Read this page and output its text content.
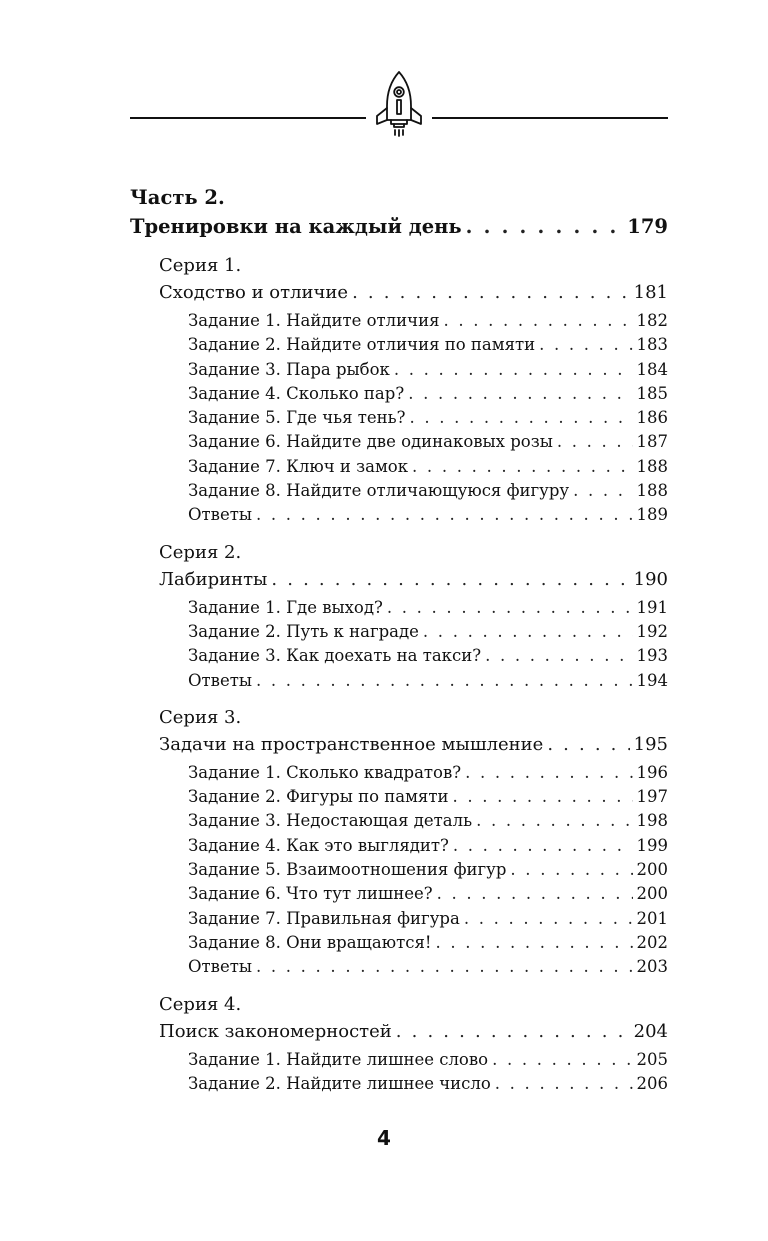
Часть 2.
Тренировки на каждый день . . .	179
Серия 1.
Сходство и отличие . . .	181
Задание 1. Найдите отличия . . .	182
Задание 2. Найдите отличия по памяти . . .	183
Задание 3. Пара рыбок . . .	184
Задание 4. Сколько пар? . . .	185
Задание 5. Где чья тень? . . .	186
Задание 6. Найдите две одинаковых розы . . .	187
Задание 7. Ключ и замок . . .	188
Задание 8. Найдите отличающуюся фигуру . . .	188
Ответы . . .	189
Серия 2.
Лабиринты . . .	190
Задание 1. Где выход? . . .	191
Задание 2. Путь к награде . . .	192
Задание 3. Как доехать на такси? . . .	193
Ответы . . .	194
Серия 3.
Задачи на пространственное мышление . . .	195
Задание 1. Сколько квадратов? . . .	196
Задание 2. Фигуры по памяти . . .	197
Задание 3. Недостающая деталь . . .	198
Задание 4. Как это выглядит? . . .	199
Задание 5. Взаимоотношения фигур . . .	200
Задание 6. Что тут лишнее? . . .	200
Задание 7. Правильная фигура . . .	201
Задание 8. Они вращаются! . . .	202
Ответы . . .	203
Серия 4.
Поиск закономерностей . . .	204
Задание 1. Найдите лишнее слово . . .	205
Задание 2. Найдите лишнее число . . .	206
4
